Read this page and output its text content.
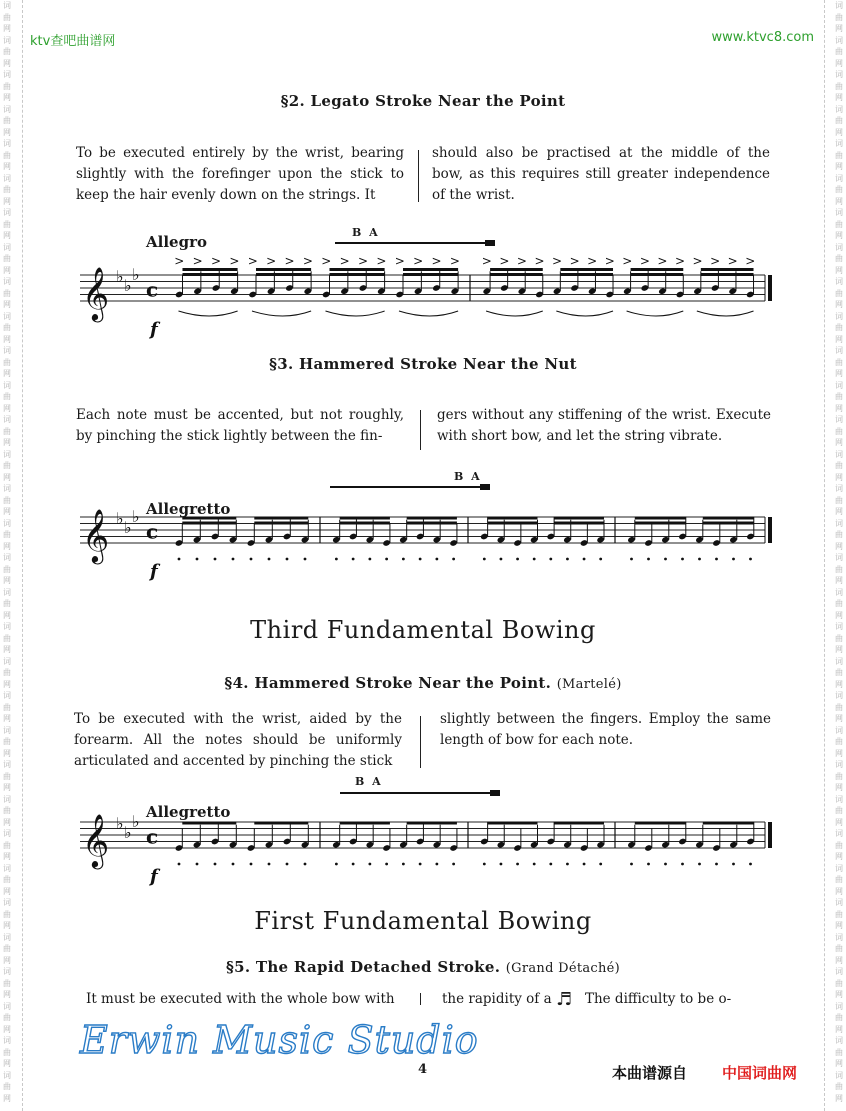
词
曲
网
词
曲
网
词
曲
网
词
曲
网
词
曲
网
词
曲
网
词
曲
网
词
曲
网
词
曲
网
词
曲
网
词
曲
网
词
曲
网
词
曲
网
词
曲
网
词
曲
网
词
曲
网
词
曲
网
词
曲
网
词
曲
网
词
曲
网
词
曲
网
词
曲
网
词
曲
网
词
曲
网
词
曲
网
词
曲
网
词
曲
网
词
曲
网
词
曲
网
词
曲
网
词
曲
网
词
曲
网
词
曲
网
词
曲
网
词
曲
网
词
曲
网
词
曲
网
词
曲
网
词
曲
网
词
曲
网
词
曲
网
词
曲
网
词
曲
网
词
曲
网
词
曲
网
词
曲
网
词
曲
网
词
曲
网
词
曲
网
词
曲
网
词
曲
网
词
曲
网
词
曲
网
词
曲
网
词
曲
网
词
曲
网
词
曲
网
词
曲
网
词
曲
网
词
曲
网
词
曲
网
词
曲
网
词
曲
网
词
曲
网
ktv查吧曲谱网	www.ktvc8.com
§2. Legato Stroke Near the Point
To be executed entirely by the wrist, bearing slightly with the forefinger upon the stick to keep the hair evenly down on the strings. It
should also be practised at the middle of the bow, as this requires still greater independence of the wrist.
Allegro
B A
𝄞 ♭ ♭
♭
c
f
> > > > > > > > > > > > > > > > > > > > > > > > > > > > > > > >
§3. Hammered Stroke Near the Nut
Each note must be accented, but not roughly, by pinching the stick lightly between the fin-
gers without any stiffening of the wrist. Execute with short bow, and let the string vibrate.
B A
Allegretto
𝄞 ♭ ♭
♭
c
f
Third Fundamental Bowing
§4. Hammered Stroke Near the Point. (Martelé)
To be executed with the wrist, aided by the forearm. All the notes should be uniformly articulated and accented by pinching the stick
slightly between the fingers. Employ the same length of bow for each note.
B A
Allegretto
𝄞 ♭ ♭
♭
c
f
First Fundamental Bowing
§5. The Rapid Detached Stroke. (Grand Détaché)
It must be executed with the whole bow with	the rapidity of a ♬ The difficulty to be o-
Erwin Music Studio
4	本曲谱源自 中国词曲网
